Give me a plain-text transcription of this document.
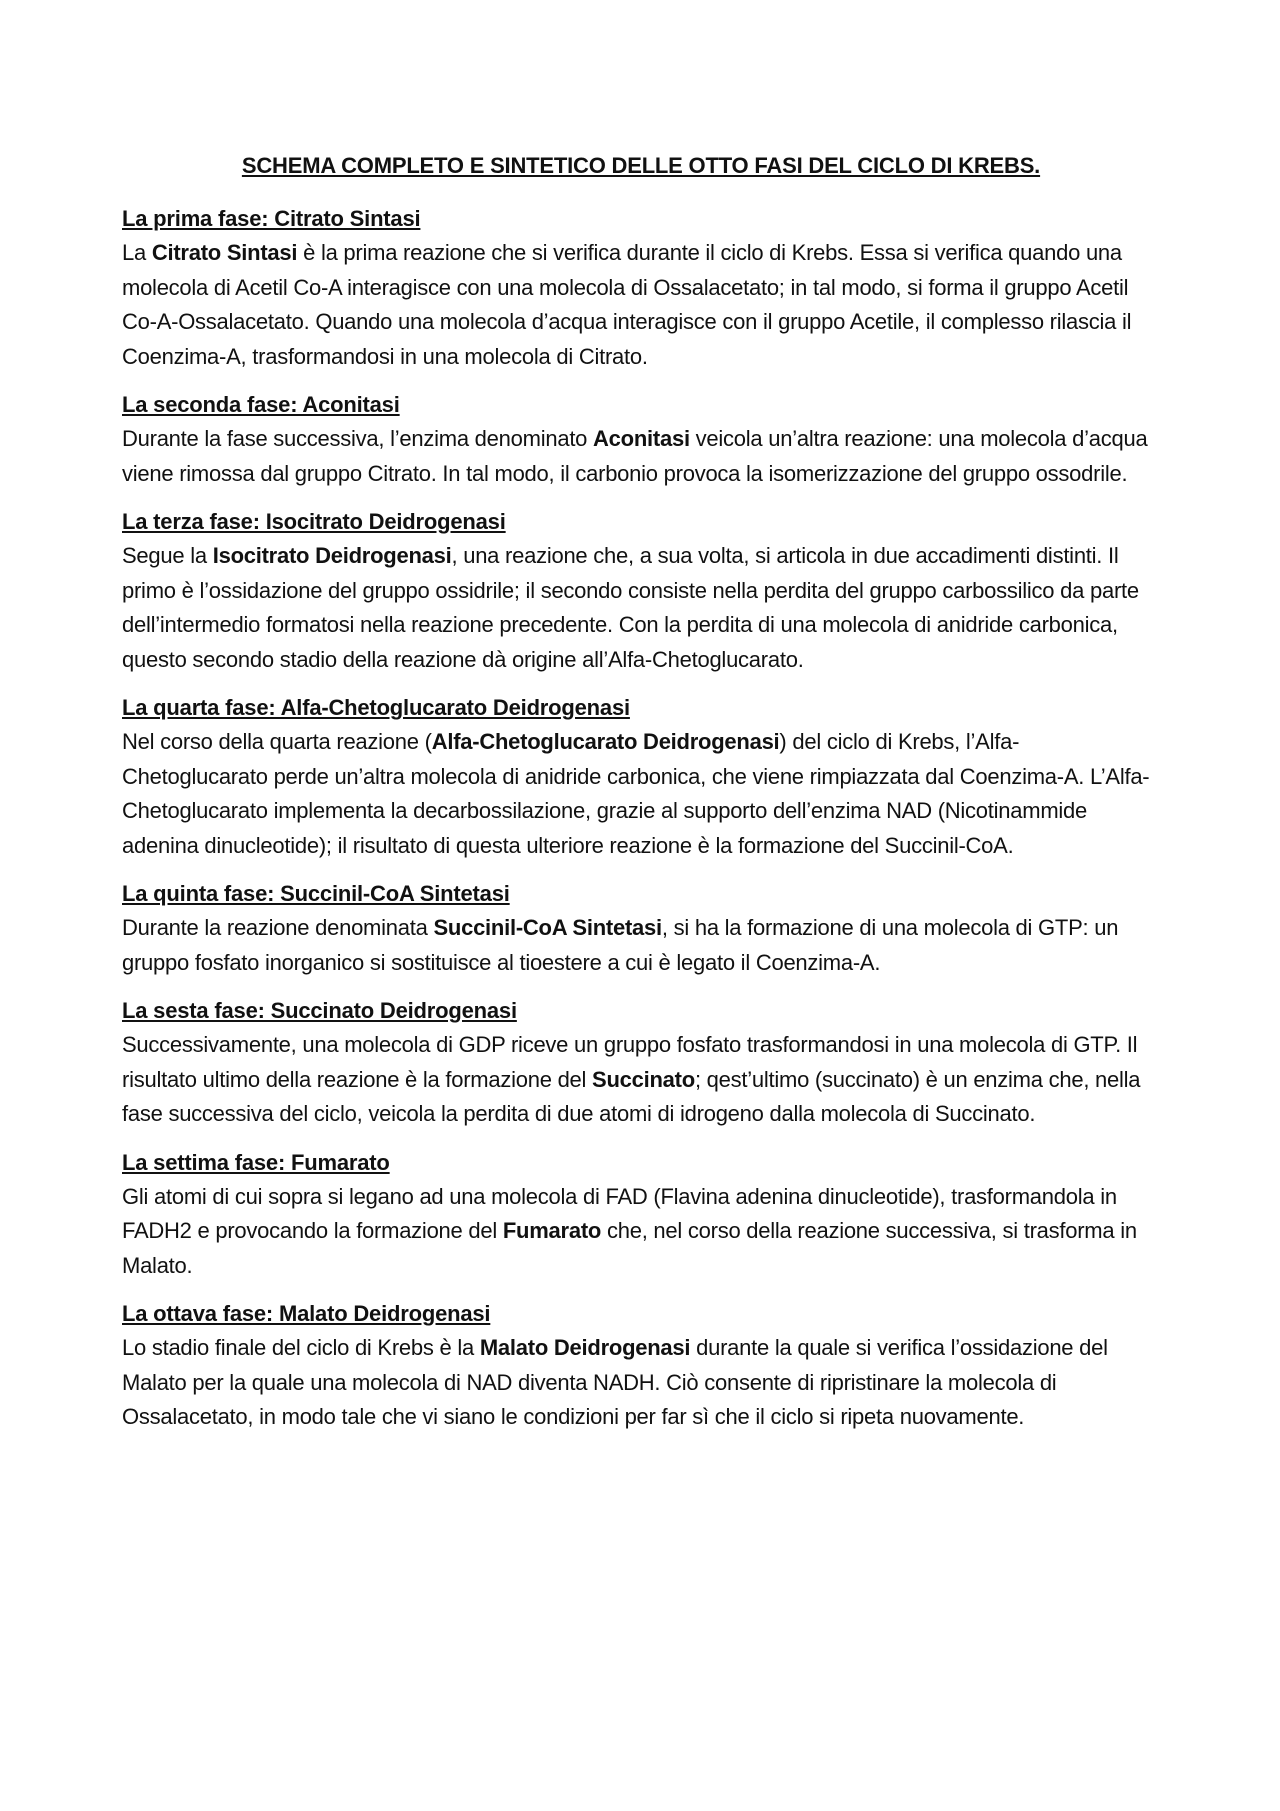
SCHEMA COMPLETO E SINTETICO DELLE OTTO FASI DEL CICLO DI KREBS.
La prima fase: Citrato Sintasi

La Citrato Sintasi è la prima reazione che si verifica durante il ciclo di Krebs. Essa si verifica quando una molecola di Acetil Co-A interagisce con una molecola di Ossalacetato; in tal modo, si forma il gruppo Acetil Co-A-Ossalacetato. Quando una molecola d’acqua interagisce con il gruppo Acetile, il complesso rilascia il Coenzima-A, trasformandosi in una molecola di Citrato.

La seconda fase: Aconitasi

Durante la fase successiva, l’enzima denominato Aconitasi veicola un’altra reazione: una molecola d’acqua viene rimossa dal gruppo Citrato. In tal modo, il carbonio provoca la isomerizzazione del gruppo ossodrile.

La terza fase: Isocitrato Deidrogenasi

Segue la Isocitrato Deidrogenasi, una reazione che, a sua volta, si articola in due accadimenti distinti. Il primo è l’ossidazione del gruppo ossidrile; il secondo consiste nella perdita del gruppo carbossilico da parte dell’intermedio formatosi nella reazione precedente. Con la perdita di una molecola di anidride carbonica, questo secondo stadio della reazione dà origine all’Alfa-Chetoglucarato.

La quarta fase: Alfa-Chetoglucarato Deidrogenasi

Nel corso della quarta reazione (Alfa-Chetoglucarato Deidrogenasi) del ciclo di Krebs, l’Alfa-Chetoglucarato perde un’altra molecola di anidride carbonica, che viene rimpiazzata dal Coenzima-A. L’Alfa-Chetoglucarato implementa la decarbossilazione, grazie al supporto dell’enzima NAD (Nicotinammide adenina dinucleotide); il risultato di questa ulteriore reazione è la formazione del Succinil-CoA.

La quinta fase: Succinil-CoA Sintetasi

Durante la reazione denominata Succinil-CoA Sintetasi, si ha la formazione di una molecola di GTP: un gruppo fosfato inorganico si sostituisce al tioestere a cui è legato il Coenzima-A.

La sesta fase: Succinato Deidrogenasi

Successivamente, una molecola di GDP riceve un gruppo fosfato trasformandosi in una molecola di GTP. Il risultato ultimo della reazione è la formazione del Succinato; qest’ultimo (succinato) è un enzima che, nella fase successiva del ciclo, veicola la perdita di due atomi di idrogeno dalla molecola di Succinato.

La settima fase: Fumarato

Gli atomi di cui sopra si legano ad una molecola di FAD (Flavina adenina dinucleotide), trasformandola in FADH2 e provocando la formazione del Fumarato che, nel corso della reazione successiva, si trasforma in Malato.

La ottava fase: Malato Deidrogenasi

Lo stadio finale del ciclo di Krebs è la Malato Deidrogenasi durante la quale si verifica l’ossidazione del Malato per la quale una molecola di NAD diventa NADH. Ciò consente di ripristinare la molecola di Ossalacetato, in modo tale che vi siano le condizioni per far sì che il ciclo si ripeta nuovamente.
